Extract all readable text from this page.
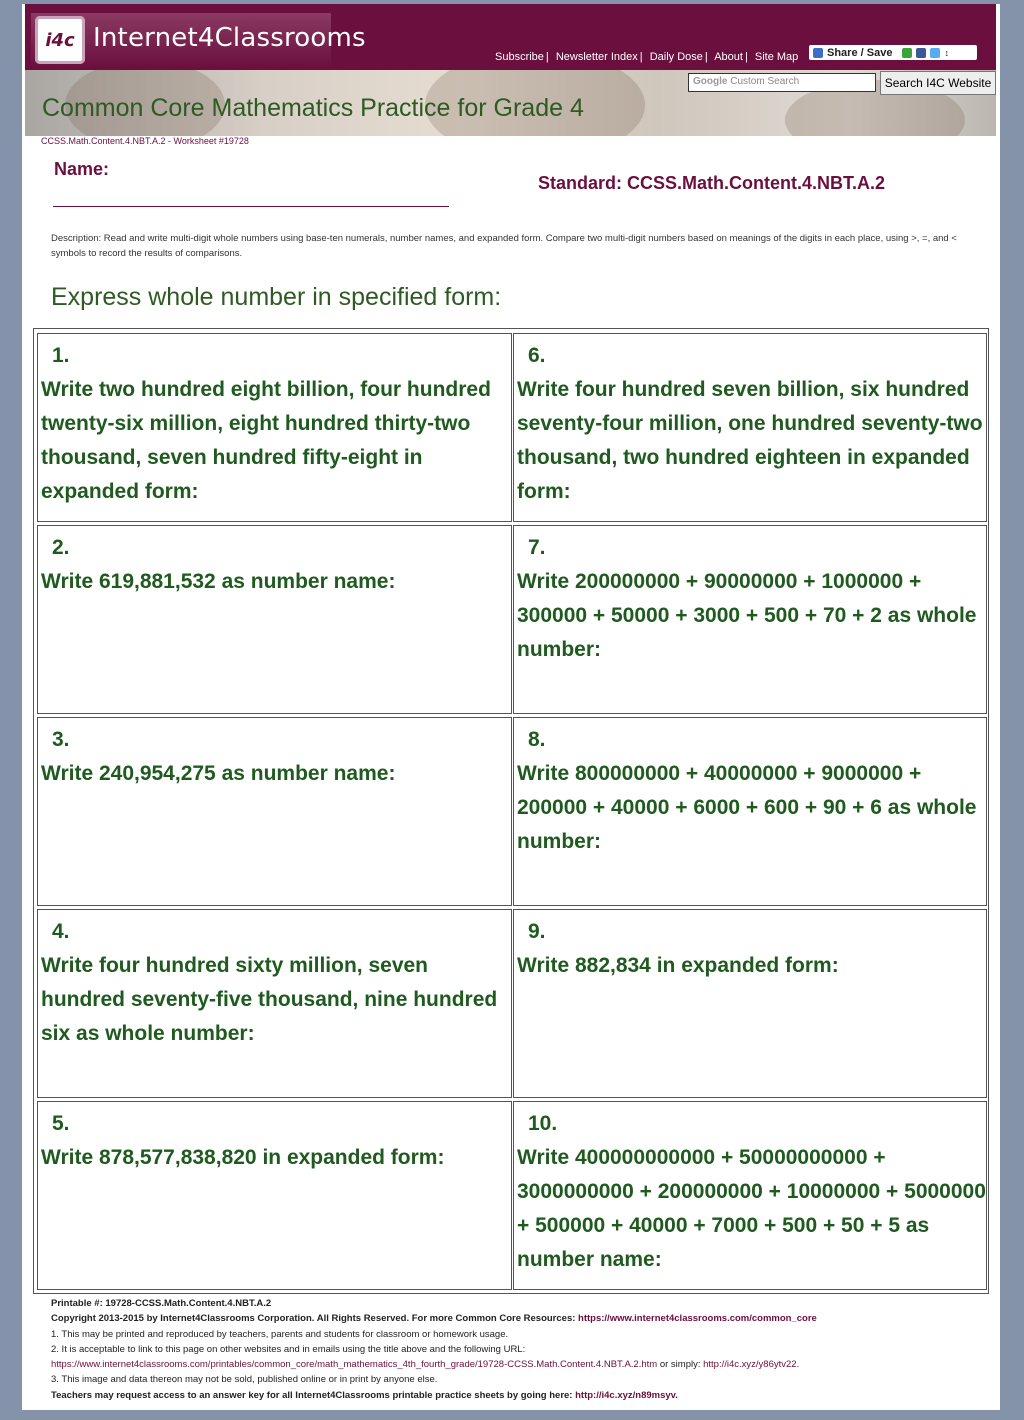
i4c Internet4Classrooms
Subscribe | Newsletter Index | Daily Dose | About | Site Map	Share / Save	↕
Google Custom Search	Search I4C Website
Common Core Mathematics Practice for Grade 4
CCSS.Math.Content.4.NBT.A.2 - Worksheet #19728
Name:
Standard: CCSS.Math.Content.4.NBT.A.2
Description: Read and write multi-digit whole numbers using base-ten numerals, number names, and expanded form. Compare two multi-digit numbers based on meanings of the digits in each place, using >, =, and < symbols to record the results of comparisons.
Express whole number in specified form:
1.
Write two hundred eight billion, four hundred twenty-six million, eight hundred thirty-two thousand, seven hundred fifty-eight in expanded form:
2.
Write 619,881,532 as number name:
3.
Write 240,954,275 as number name:
4.
Write four hundred sixty million, seven hundred seventy-five thousand, nine hundred six as whole number:
5.
Write 878,577,838,820 in expanded form:
6.
Write four hundred seven billion, six hundred seventy-four million, one hundred seventy-two thousand, two hundred eighteen in expanded form:
7.
Write 200000000 + 90000000 + 1000000 + 300000 + 50000 + 3000 + 500 + 70 + 2 as whole number:
8.
Write 800000000 + 40000000 + 9000000 + 200000 + 40000 + 6000 + 600 + 90 + 6 as whole number:
9.
Write 882,834 in expanded form:
10.
Write 400000000000 + 50000000000 + 3000000000 + 200000000 + 10000000 + 5000000 + 500000 + 40000 + 7000 + 500 + 50 + 5 as number name:
Printable #: 19728-CCSS.Math.Content.4.NBT.A.2
Copyright 2013-2015 by Internet4Classrooms Corporation. All Rights Reserved. For more Common Core Resources: https://www.internet4classrooms.com/common_core
1. This may be printed and reproduced by teachers, parents and students for classroom or homework usage.
2. It is acceptable to link to this page on other websites and in emails using the title above and the following URL:
https://www.internet4classrooms.com/printables/common_core/math_mathematics_4th_fourth_grade/19728-CCSS.Math.Content.4.NBT.A.2.htm or simply: http://i4c.xyz/y86ytv22.
3. This image and data thereon may not be sold, published online or in print by anyone else.
Teachers may request access to an answer key for all Internet4Classrooms printable practice sheets by going here: http://i4c.xyz/n89msyv.
